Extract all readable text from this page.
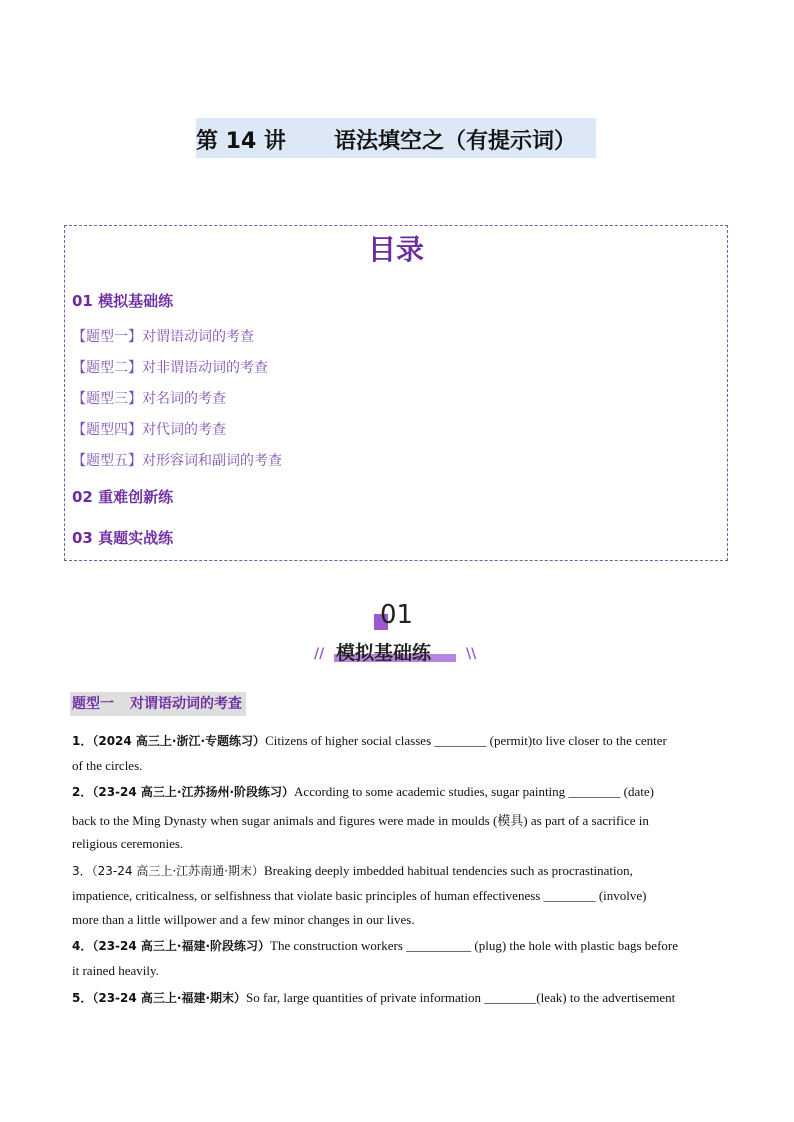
第 14 讲 语法填空之（有提示词）
目录
01 模拟基础练
【题型一】对谓语动词的考查
【题型二】对非谓语动词的考查
【题型三】对名词的考查
【题型四】对代词的考查
【题型五】对形容词和副词的考查
02 重难创新练
03 真题实战练
01
// 模拟基础练 \\
题型一 对谓语动词的考查
1．（2024 高三上·浙江·专题练习）Citizens of higher social classes ________ (permit)to live closer to the center
of the circles.
2．（23-24 高三上·江苏扬州·阶段练习）According to some academic studies, sugar painting ________ (date)
back to the Ming Dynasty when sugar animals and figures were made in moulds (模具) as part of a sacrifice in
religious ceremonies.
3．（23-24 高三上·江苏南通·期末）Breaking deeply imbedded habitual tendencies such as procrastination,
impatience, criticalness, or selfishness that violate basic principles of human effectiveness ________ (involve)
more than a little willpower and a few minor changes in our lives.
4．（23-24 高三上·福建·阶段练习）The construction workers __________ (plug) the hole with plastic bags before
it rained heavily.
5．（23-24 高三上·福建·期末）So far, large quantities of private information ________(leak) to the advertisement
